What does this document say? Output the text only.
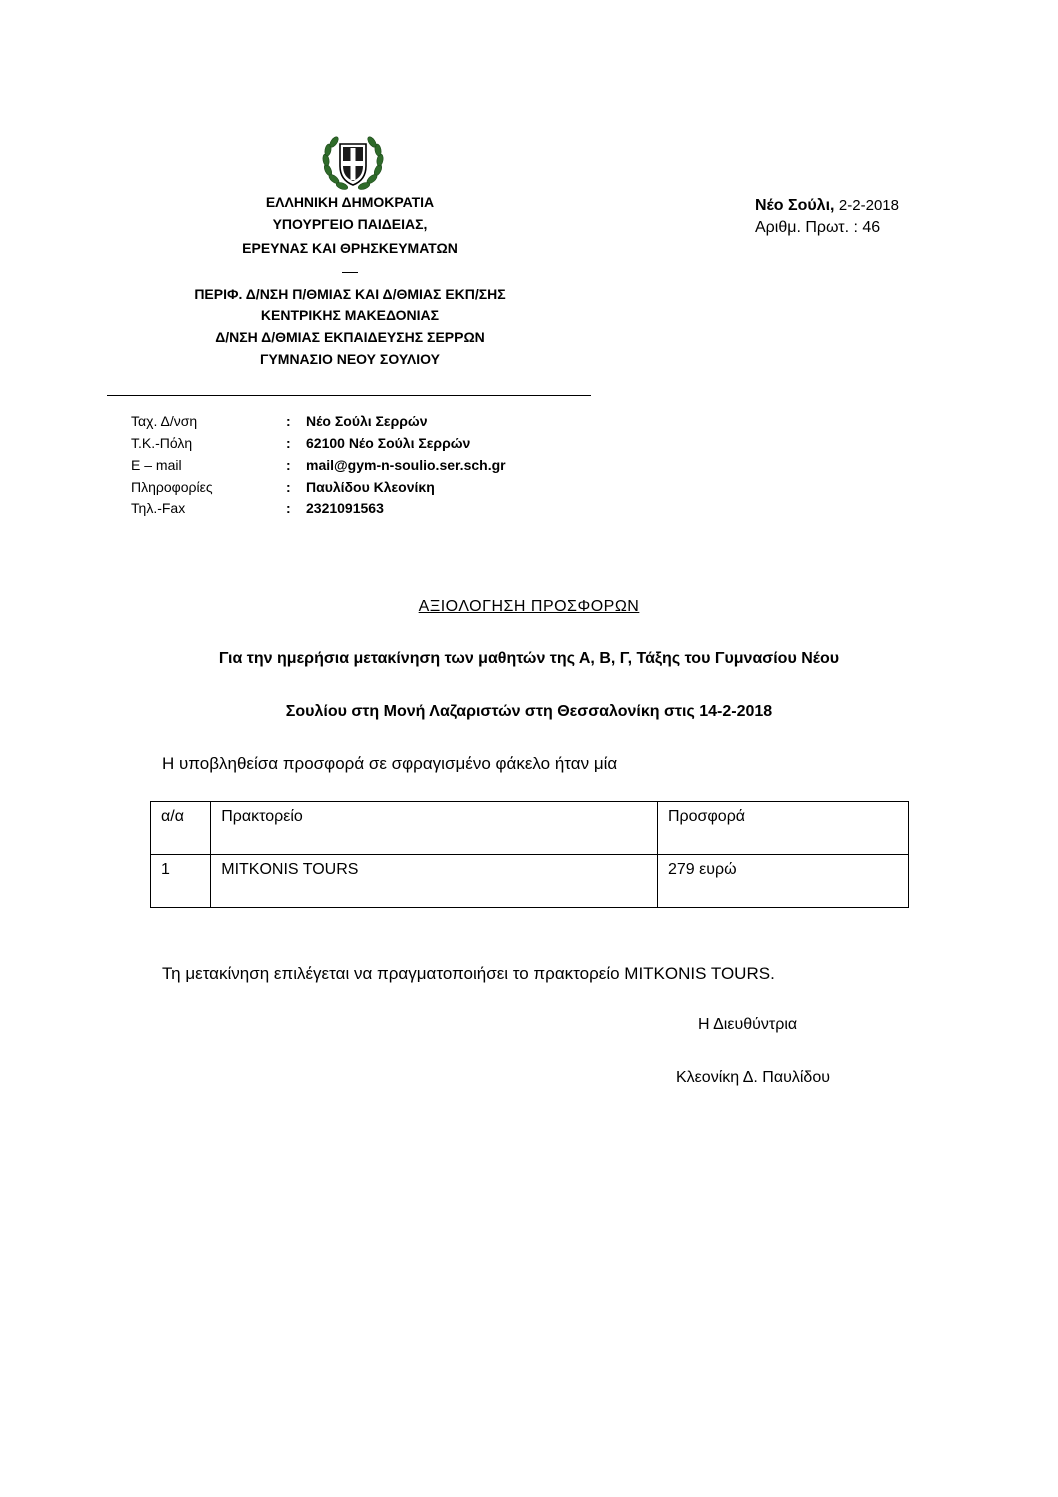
ΕΛΛΗΝΙΚΗ ΔΗΜΟΚΡΑΤΙΑ
ΥΠΟΥΡΓΕΙΟ ΠΑΙΔΕΙΑΣ,
ΕΡΕΥΝΑΣ ΚΑΙ ΘΡΗΣΚΕΥΜΑΤΩΝ
ΠΕΡΙΦ. Δ/ΝΣΗ Π/ΘΜΙΑΣ ΚΑΙ Δ/ΘΜΙΑΣ ΕΚΠ/ΣΗΣ
ΚΕΝΤΡΙΚΗΣ ΜΑΚΕΔΟΝΙΑΣ
Δ/ΝΣΗ Δ/ΘΜΙΑΣ ΕΚΠΑΙΔΕΥΣΗΣ ΣΕΡΡΩΝ
ΓΥΜΝΑΣΙΟ ΝΕΟΥ ΣΟΥΛΙΟΥ
Νέο Σούλι, 2-2-2018
Αριθμ. Πρωτ. : 46
Ταχ. Δ/νση	: Νέο Σούλι Σερρών
Τ.Κ.-Πόλη	: 62100 Νέο Σούλι Σερρών
Ε – mail	: mail@gym-n-soulio.ser.sch.gr
Πληροφορίες	: Παυλίδου Κλεονίκη
Τηλ.-Fax	: 2321091563
ΑΞΙΟΛΟΓΗΣΗ ΠΡΟΣΦΟΡΩΝ
Για την ημερήσια μετακίνηση των μαθητών της Α, Β, Γ, Τάξης του Γυμνασίου Νέου
Σουλίου στη Μονή Λαζαριστών στη Θεσσαλονίκη στις 14-2-2018
Η υποβληθείσα προσφορά σε σφραγισμένο φάκελο ήταν μία
α/α	Πρακτορείο	Προσφορά
1	MITKONIS TOURS	279 ευρώ
Τη μετακίνηση επιλέγεται να πραγματοποιήσει το πρακτορείο MITKONIS TOURS.
Η Διευθύντρια
Κλεονίκη Δ. Παυλίδου
